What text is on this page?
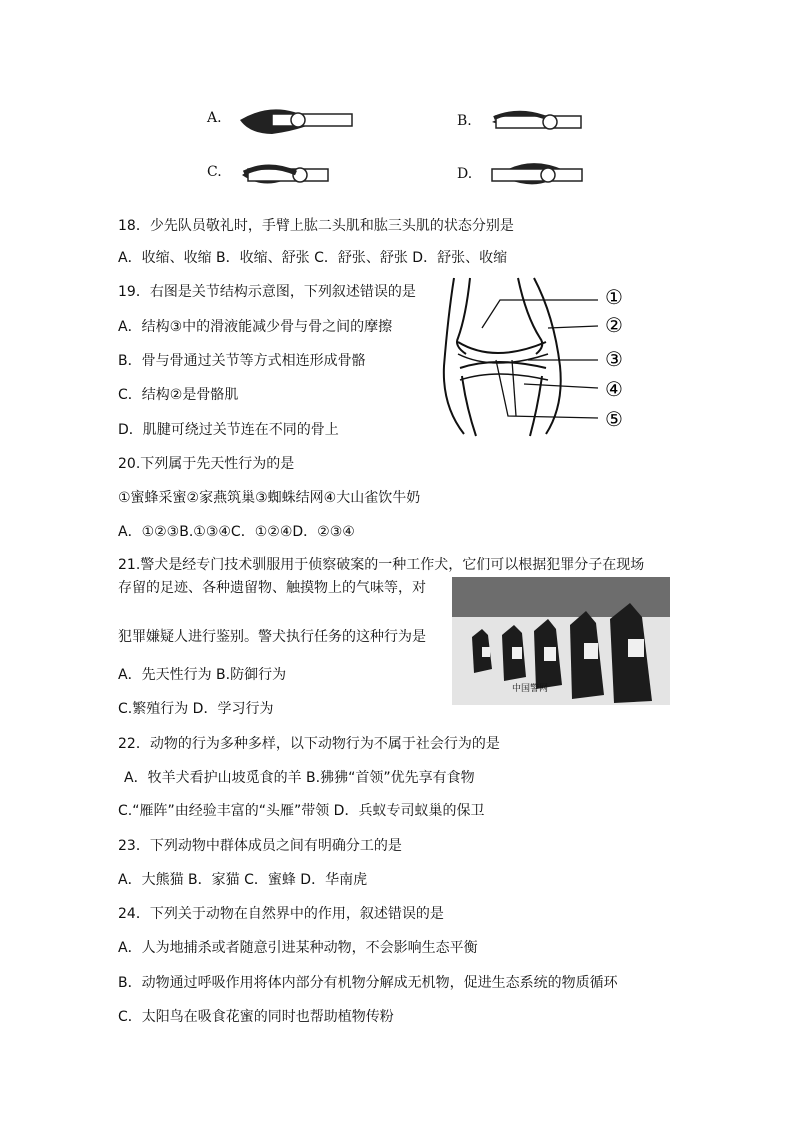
A.	B.
C.	D.
18．少先队员敬礼时，手臂上肱二头肌和肱三头肌的状态分别是
A．收缩、收缩 B．收缩、舒张 C．舒张、舒张 D．舒张、收缩
19．右图是关节结构示意图，下列叙述错误的是
A．结构③中的滑液能减少骨与骨之间的摩擦
B．骨与骨通过关节等方式相连形成骨骼
C．结构②是骨骼肌
D．肌腱可绕过关节连在不同的骨上
①
②
③
④
⑤
20.下列属于先天性行为的是
①蜜蜂采蜜②家燕筑巢③蜘蛛结网④大山雀饮牛奶
A．①②③B.①③④C．①②④D．②③④
21.警犬是经专门技术驯服用于侦察破案的一种工作犬，它们可以根据犯罪分子在现场
存留的足迹、各种遗留物、触摸物上的气味等，对
犯罪嫌疑人进行鉴别。警犬执行任务的这种行为是
A．先天性行为 B.防御行为
C.繁殖行为 D．学习行为
中国警网
22．动物的行为多种多样，以下动物行为不属于社会行为的是
A．牧羊犬看护山坡觅食的羊 B.狒狒“首领”优先享有食物
C.“雁阵”由经验丰富的“头雁”带领 D．兵蚁专司蚁巢的保卫
23．下列动物中群体成员之间有明确分工的是
A．大熊猫 B．家猫 C．蜜蜂 D．华南虎
24．下列关于动物在自然界中的作用，叙述错误的是
A．人为地捕杀或者随意引进某种动物，不会影响生态平衡
B．动物通过呼吸作用将体内部分有机物分解成无机物，促进生态系统的物质循环
C．太阳鸟在吸食花蜜的同时也帮助植物传粉
